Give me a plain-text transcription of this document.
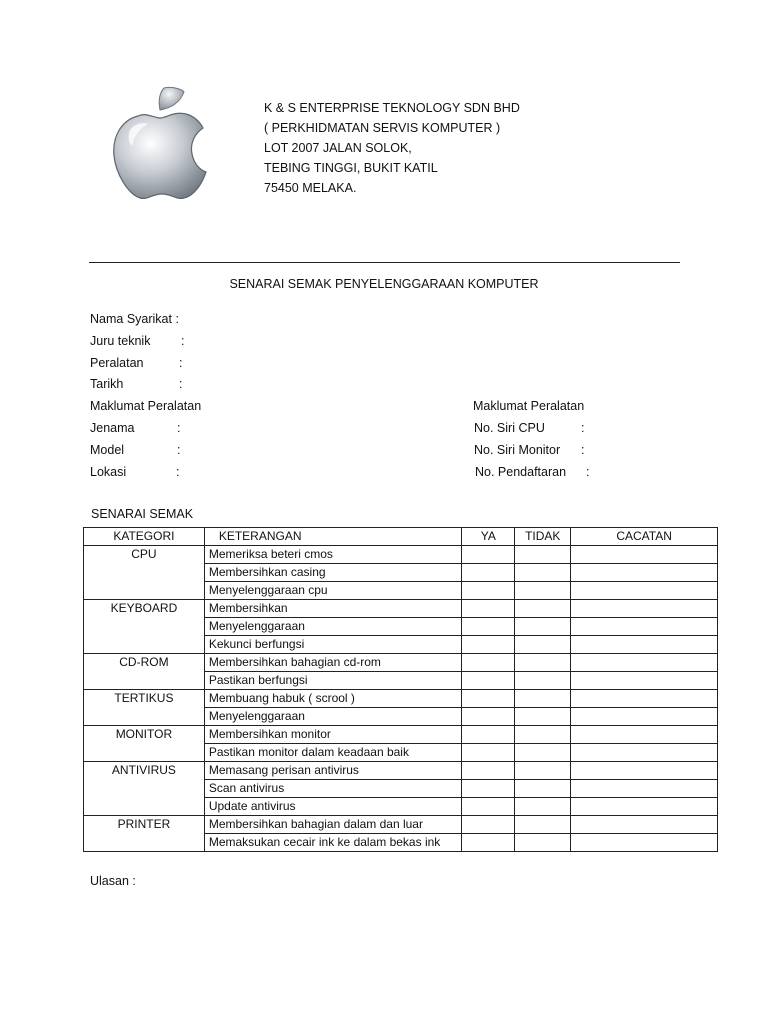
K & S ENTERPRISE TEKNOLOGY SDN BHD
( PERKHIDMATAN SERVIS KOMPUTER )
LOT 2007 JALAN SOLOK,
TEBING TINGGI, BUKIT KATIL
75450 MELAKA.
SENARAI SEMAK PENYELENGGARAAN KOMPUTER
Nama Syarikat :
Juru teknik :
Peralatan	:
Tarikh	:
Maklumat Peralatan
Jenama	:
Model	:
Lokasi	:
Maklumat Peralatan
No. Siri CPU	:
No. Siri Monitor :
No. Pendaftaran :
SENARAI SEMAK
KATEGORI	KETERANGAN	YA	TIDAK	CACATAN
CPU	Memeriksa beteri cmos			
	Membersihkan casing			
	Menyelenggaraan cpu			
KEYBOARD	Membersihkan			
	Menyelenggaraan			
	Kekunci berfungsi			
CD-ROM	Membersihkan bahagian cd-rom			
	Pastikan berfungsi			
TERTIKUS	Membuang habuk ( scrool )			
	Menyelenggaraan			
MONITOR	Membersihkan monitor			
	Pastikan monitor dalam keadaan baik			
ANTIVIRUS	Memasang perisan antivirus			
	Scan antivirus			
	Update antivirus			
PRINTER	Membersihkan bahagian dalam dan luar			
	Memaksukan cecair ink ke dalam bekas ink			
Ulasan :
